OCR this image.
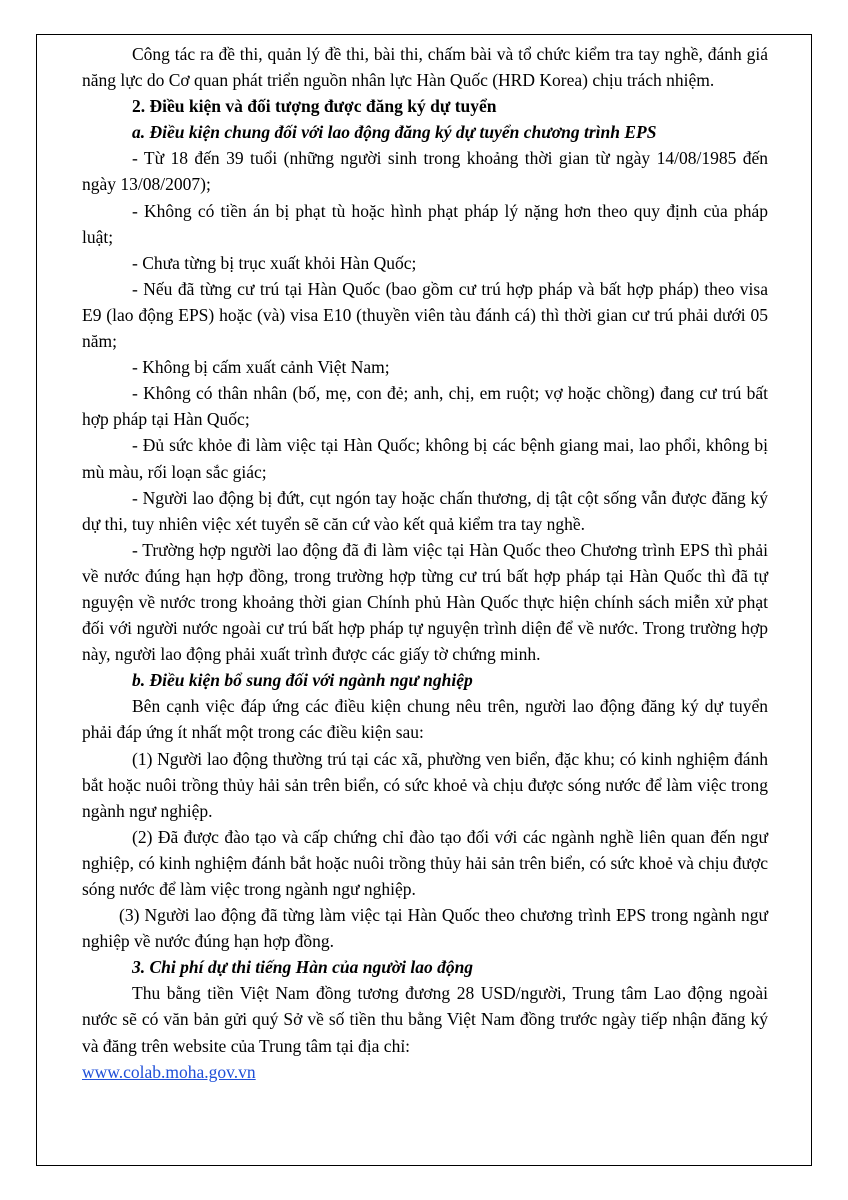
Công tác ra đề thi, quản lý đề thi, bài thi, chấm bài và tổ chức kiểm tra tay nghề, đánh giá năng lực do Cơ quan phát triển nguồn nhân lực Hàn Quốc (HRD Korea) chịu trách nhiệm.

2. Điều kiện và đối tượng được đăng ký dự tuyển

a. Điều kiện chung đối với lao động đăng ký dự tuyển chương trình EPS

- Từ 18 đến 39 tuổi (những người sinh trong khoảng thời gian từ ngày 14/08/1985 đến ngày 13/08/2007);

- Không có tiền án bị phạt tù hoặc hình phạt pháp lý nặng hơn theo quy định của pháp luật;

- Chưa từng bị trục xuất khỏi Hàn Quốc;

- Nếu đã từng cư trú tại Hàn Quốc (bao gồm cư trú hợp pháp và bất hợp pháp) theo visa E9 (lao động EPS) hoặc (và) visa E10 (thuyền viên tàu đánh cá) thì thời gian cư trú phải dưới 05 năm;

- Không bị cấm xuất cảnh Việt Nam;

- Không có thân nhân (bố, mẹ, con đẻ; anh, chị, em ruột; vợ hoặc chồng) đang cư trú bất hợp pháp tại Hàn Quốc;

- Đủ sức khỏe đi làm việc tại Hàn Quốc; không bị các bệnh giang mai, lao phổi, không bị mù màu, rối loạn sắc giác;

- Người lao động bị đứt, cụt ngón tay hoặc chấn thương, dị tật cột sống vẫn được đăng ký dự thi, tuy nhiên việc xét tuyển sẽ căn cứ vào kết quả kiểm tra tay nghề.

- Trường hợp người lao động đã đi làm việc tại Hàn Quốc theo Chương trình EPS thì phải về nước đúng hạn hợp đồng, trong trường hợp từng cư trú bất hợp pháp tại Hàn Quốc thì đã tự nguyện về nước trong khoảng thời gian Chính phủ Hàn Quốc thực hiện chính sách miễn xử phạt đối với người nước ngoài cư trú bất hợp pháp tự nguyện trình diện để về nước. Trong trường hợp này, người lao động phải xuất trình được các giấy tờ chứng minh.

b. Điều kiện bổ sung đối với ngành ngư nghiệp

Bên cạnh việc đáp ứng các điều kiện chung nêu trên, người lao động đăng ký dự tuyển phải đáp ứng ít nhất một trong các điều kiện sau:

(1) Người lao động thường trú tại các xã, phường ven biển, đặc khu; có kinh nghiệm đánh bắt hoặc nuôi trồng thủy hải sản trên biển, có sức khoẻ và chịu được sóng nước để làm việc trong ngành ngư nghiệp.

(2) Đã được đào tạo và cấp chứng chỉ đào tạo đối với các ngành nghề liên quan đến ngư nghiệp, có kinh nghiệm đánh bắt hoặc nuôi trồng thủy hải sản trên biển, có sức khoẻ và chịu được sóng nước để làm việc trong ngành ngư nghiệp.

(3) Người lao động đã từng làm việc tại Hàn Quốc theo chương trình EPS trong ngành ngư nghiệp về nước đúng hạn hợp đồng.

3. Chi phí dự thi tiếng Hàn của người lao động

Thu bằng tiền Việt Nam đồng tương đương 28 USD/người, Trung tâm Lao động ngoài nước sẽ có văn bản gửi quý Sở về số tiền thu bằng Việt Nam đồng trước ngày tiếp nhận đăng ký và đăng trên website của Trung tâm tại địa chỉ:

www.colab.moha.gov.vn
